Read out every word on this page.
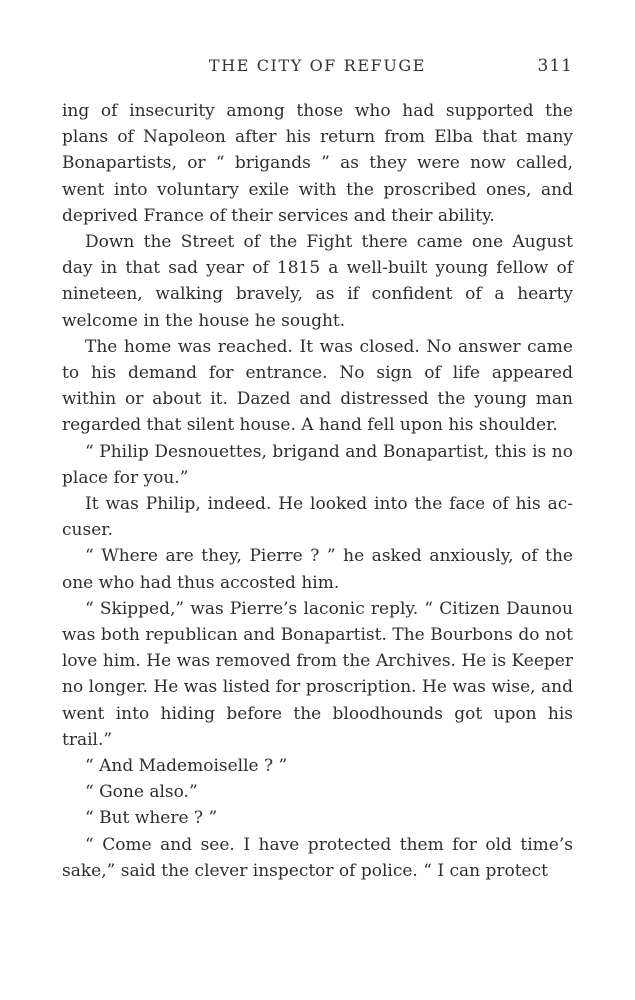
THE CITY OF REFUGE	311

ing of insecurity among those who had supported the plans of Napoleon after his return from Elba that many Bonapartists, or “ brigands ” as they were now called, went into voluntary exile with the proscribed ones, and deprived France of their services and their ability.

Down the Street of the Fight there came one August day in that sad year of 1815 a well-built young fellow of nineteen, walking bravely, as if confident of a hearty welcome in the house he sought.

The home was reached. It was closed. No answer came to his demand for entrance. No sign of life appeared within or about it. Dazed and distressed the young man regarded that silent house. A hand fell upon his shoulder.

“ Philip Desnouettes, brigand and Bonapartist, this is no place for you.”

It was Philip, indeed. He looked into the face of his accuser.

“ Where are they, Pierre ? ” he asked anxiously, of the one who had thus accosted him.

“ Skipped,” was Pierre’s laconic reply. “ Citizen Daunou was both republican and Bonapartist. The Bourbons do not love him. He was removed from the Archives. He is Keeper no longer. He was listed for proscription. He was wise, and went into hiding before the bloodhounds got upon his trail.”

“ And Mademoiselle ? ”

“ Gone also.”

“ But where ? ”

“ Come and see. I have protected them for old time’s sake,” said the clever inspector of police. “ I can protect
